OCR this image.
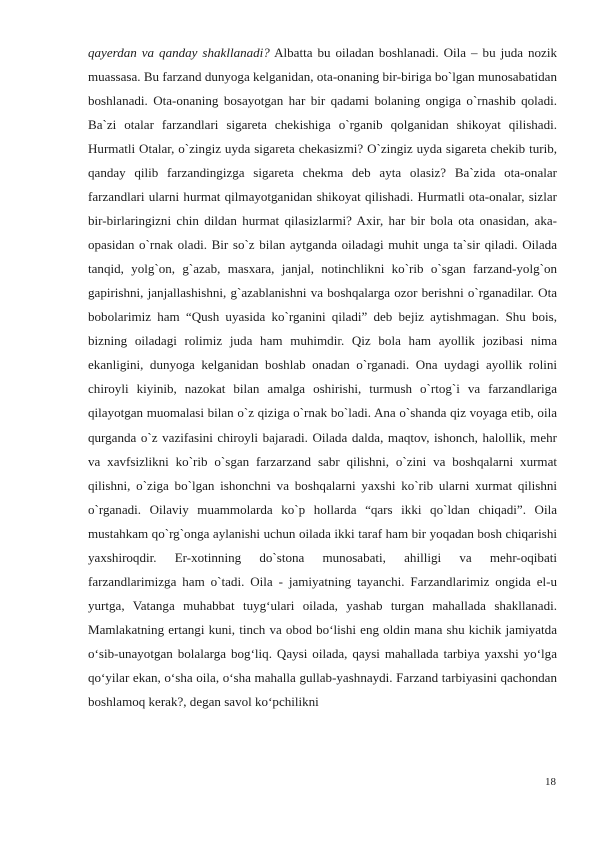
qayerdan va qanday shakllanadi? Albatta bu oiladan boshlanadi. Oila – bu juda nozik muassasa. Bu farzand dunyoga kelganidan, ota-onaning bir-biriga bo`lgan munosabatidan boshlanadi. Ota-onaning bosayotgan har bir qadami bolaning ongiga o`rnashib qoladi. Ba`zi otalar farzandlari sigareta chekishiga o`rganib qolganidan shikoyat qilishadi. Hurmatli Otalar, o`zingiz uyda sigareta chekasizmi? O`zingiz uyda sigareta chekib turib, qanday qilib farzandingizga sigareta chekma deb ayta olasiz? Ba`zida ota-onalar farzandlari ularni hurmat qilmayotganidan shikoyat qilishadi. Hurmatli ota-onalar, sizlar bir-birlaringizni chin dildan hurmat qilasizlarmi? Axir, har bir bola ota onasidan, aka-opasidan o`rnak oladi. Bir so`z bilan aytganda oiladagi muhit unga ta`sir qiladi. Oilada tanqid, yolg`on, g`azab, masxara, janjal, notinchlikni ko`rib o`sgan farzand-yolg`on gapirishni, janjallashishni, g`azablanishni va boshqalarga ozor berishni o`rganadilar. Ota bobolarimiz ham “Qush uyasida ko`rganini qiladi” deb bejiz aytishmagan. Shu bois, bizning oiladagi rolimiz juda ham muhimdir. Qiz bola ham ayollik jozibasi nima ekanligini, dunyoga kelganidan boshlab onadan o`rganadi. Ona uydagi ayollik rolini chiroyli kiyinib, nazokat bilan amalga oshirishi, turmush o`rtog`i va farzandlariga qilayotgan muomalasi bilan o`z qiziga o`rnak bo`ladi. Ana o`shanda qiz voyaga etib, oila qurganda o`z vazifasini chiroyli bajaradi. Oilada dalda, maqtov, ishonch, halollik, mehr va xavfsizlikni ko`rib o`sgan farzarzand sabr qilishni, o`zini va boshqalarni xurmat qilishni, o`ziga bo`lgan ishonchni va boshqalarni yaxshi ko`rib ularni xurmat qilishni o`rganadi. Oilaviy muammolarda ko`p hollarda “qars ikki qo`ldan chiqadi”. Oila mustahkam qo`rg`onga aylanishi uchun oilada ikki taraf ham bir yoqadan bosh chiqarishi yaxshiroqdir. Er-xotinning do`stona munosabati, ahilligi va mehr-oqibati farzandlarimizga ham o`tadi. Oila - jamiyatning tayanchi. Farzandlarimiz ongida el-u yurtga, Vatanga muhabbat tuyg‘ulari oilada, yashab turgan mahallada shakllanadi. Mamlakatning ertangi kuni, tinch va obod bo‘lishi eng oldin mana shu kichik jamiyatda o‘sib-unayotgan bolalarga bog‘liq. Qaysi oilada, qaysi mahallada tarbiya yaxshi yo‘lga qo‘yilar ekan, o‘sha oila, o‘sha mahalla gullab-yashnaydi. Farzand tarbiyasini qachondan boshlamoq kerak?, degan savol ko‘pchilikni

18
